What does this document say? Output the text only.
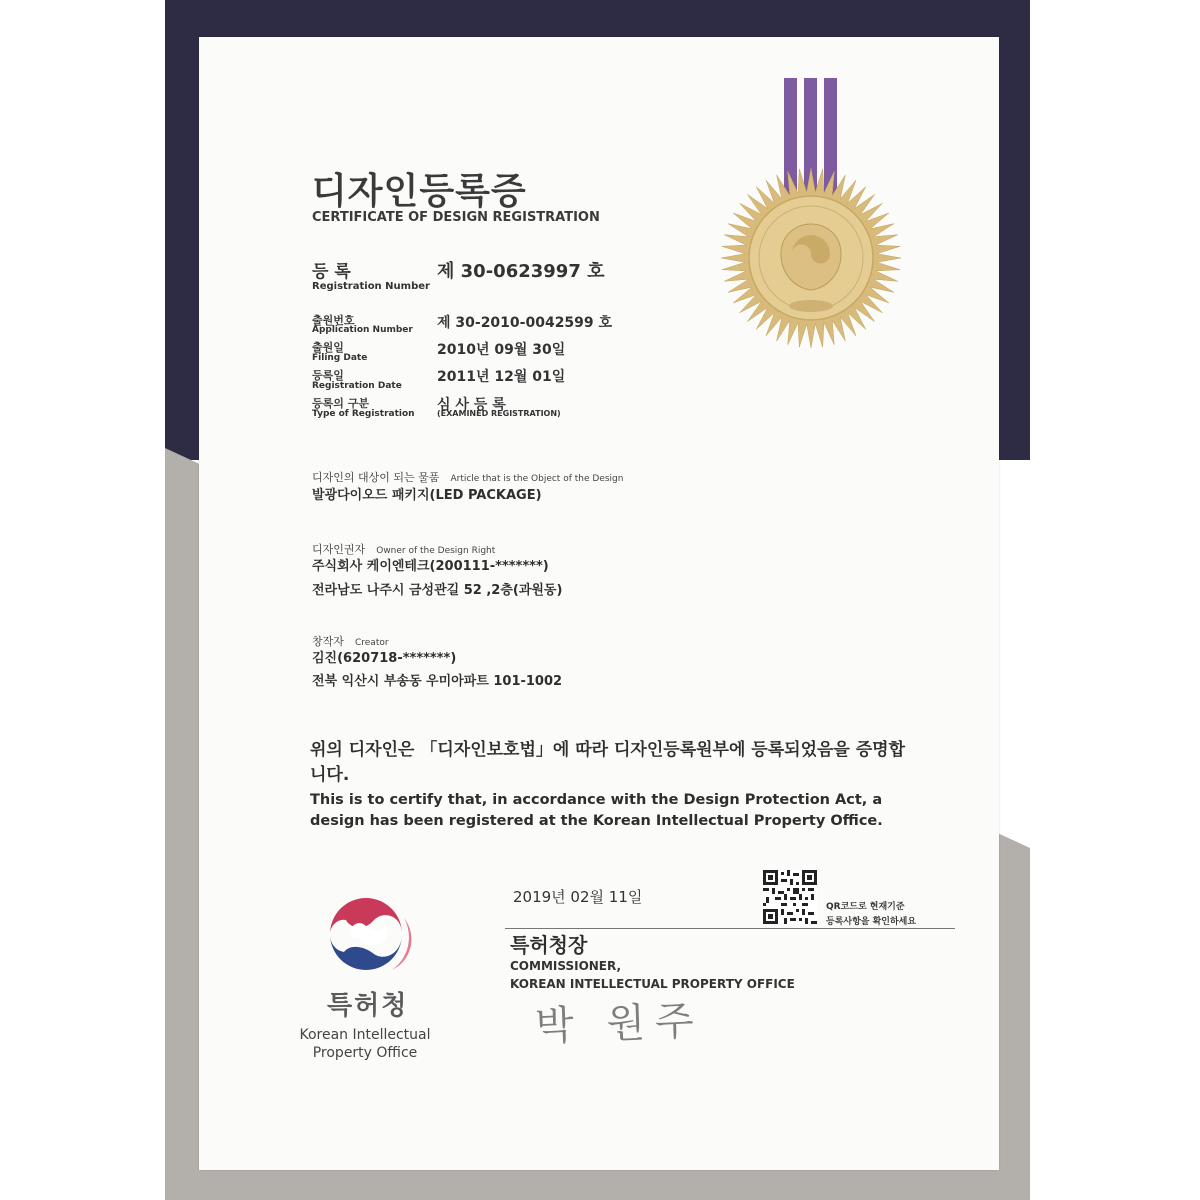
디자인등록증
CERTIFICATE OF DESIGN REGISTRATION
등 록
Registration Number
제 30-0623997 호
출원번호
Application Number 제 30-2010-0042599 호
출원일
Filing Date	2010년 09월 30일
등록일
Registration Date
2011년 12월 01일
등록의 구분
Type of Registration
심 사 등 록
(EXAMINED REGISTRATION)
디자인의 대상이 되는 물품 Article that is the Object of the Design
발광다이오드 패키지(LED PACKAGE)
디자인권자 Owner of the Design Right
주식회사 케이엔테크(200111-*******)
전라남도 나주시 금성관길 52 ,2층(과원동)
창작자 Creator
김진(620718-*******)
전북 익산시 부송동 우미아파트 101-1002
위의 디자인은 「디자인보호법」에 따라 디자인등록원부에 등록되었음을 증명합니다.
This is to certify that, in accordance with the Design Protection Act, a design has been registered at the Korean Intellectual Property Office.
2019년 02월 11일
QR코드로 현재기준
등록사항을 확인하세요
특허청장
COMMISSIONER,
KOREAN INTELLECTUAL PROPERTY OFFICE
박 원주
특허청
Korean Intellectual Property Office
